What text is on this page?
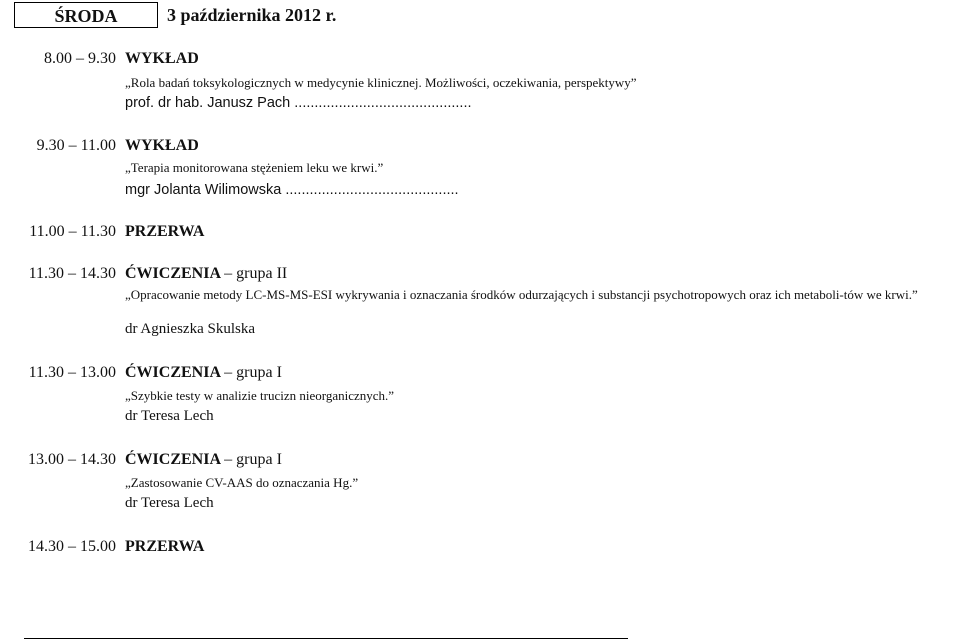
ŚRODA	3 października 2012 r.
8.00 – 9.30 WYKŁAD
„Rola badań toksykologicznych w medycynie klinicznej. Możliwości, oczekiwania, perspektywy”
prof. dr hab. Janusz Pach ............................................
9.30 – 11.00 WYKŁAD
„Terapia monitorowana stężeniem leku we krwi.”
mgr Jolanta Wilimowska ...........................................
11.00 – 11.30 PRZERWA
11.30 – 14.30 ĆWICZENIA – grupa II
„Opracowanie metody LC-MS-MS-ESI wykrywania i oznaczania środków odurzających i substancji psychotropowych oraz ich metaboli-tów we krwi.”
dr Agnieszka Skulska
11.30 – 13.00 ĆWICZENIA – grupa I
„Szybkie testy w analizie trucizn nieorganicznych.”
dr Teresa Lech
13.00 – 14.30 ĆWICZENIA – grupa I
„Zastosowanie CV-AAS do oznaczania Hg.”
dr Teresa Lech
14.30 – 15.00 PRZERWA
